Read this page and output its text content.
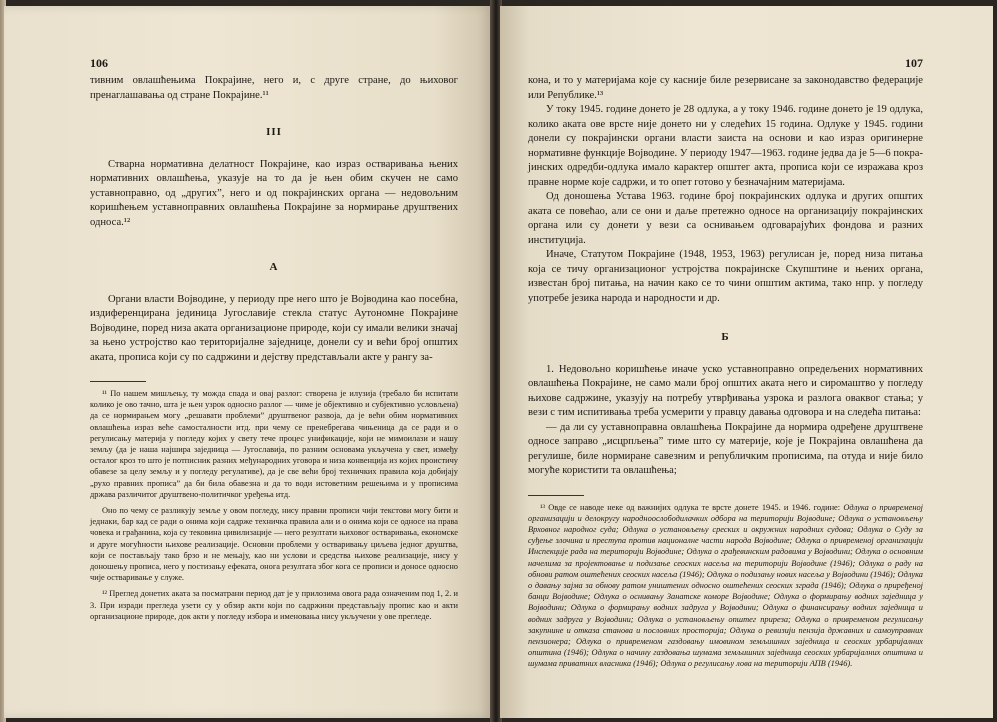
106

тивним овлашћењима Покрајине, него и, с друге стране, до њиховог пренаглашавања од стране Покрајине.¹¹

III

Стварна нормативна делатност Покрајине, као израз остваривања њених нормативних овлашћења, указује на то да је њен обим скучен не само уставноправно, од „других”, него и од покрајинских органа — недовољним коришћењем уставноправних овлашћења Покрајине за нормирање друштвених односа.¹²

А

Органи власти Војводине, у периоду пре него што је Војводина као посебна, издиференцирана јединица Југославије стекла статус Аутономне Покрајине Војводине, поред низа аката организационе природе, који су имали велики значај за њено устројство као територијалне заједнице, донели су и већи број општих аката, прописа који су по садржини и дејству представљали акте у рангу за-

¹¹ По нашем мишљењу, ту можда спада и овај разлог: створена је илузија (требало би испитати колико је ово тачно, шта је њен узрок односно разлог — чиме је објективно и субјективно условљена) да се нормирањем могу „решавати проблеми” друштвеног развоја, да је већи обим нормативних овлашћења израз веће самосталности итд. при чему се пренебрегава чињеница да се ради и о регулисању материја у погледу којих у свету тече процес унификације, који не мимоилази и нашу земљу (да је наша најшира заједница — Југославија, по разним основама укључена у свет, између осталог кроз то што је потписник разних међународних уговора и низа конвенција из којих проистичу обавезе за целу земљу и у погледу регулативе), да је све већи број техничких правила која добијају „рухо правних прописа” да би била обавезна и да то води истоветним решењима и у прописима држава различитог друштвено-политичког уређења итд.

Оно по чему се разликују земље у овом погледу, нису правни прописи чији текстови могу бити и једнаки, бар кад се ради о онима који садрже техничка правила али и о онима који се односе на права човека и грађанина, која су тековина цивилизације — него резултати њиховог остваривања, економске и друге могућности њихове реализације. Основни проблеми у остваривању циљева једног друштва, који се постављају тако брзо и не мењају, као ни услови и средства њихове реализације, нису у доношењу прописа, него у постизању ефеката, онога резултата због кога се прописи и доносе односно чије остваривање у служе.

¹² Преглед донетих аката за посматрани период дат је у прилозима овога рада означеним под 1, 2. и 3. При изради прегледа узети су у обзир акти који по садржини представљају пропис као и акти организационе природе, док акти у погледу избора и именовања нису укључени у ове прегледе.

107

кона, и то у материјама које су касније биле резервисане за законодавство федерације или Републике.¹³

У току 1945. године донето је 28 одлука, а у току 1946. године донето је 19 одлука, колико аката ове врсте није донето ни у следећих 15 година. Одлуке у 1945. години донели су покрајински органи власти заиста на основи и као израз оригинерне нормативне функције Војводине. У периоду 1947—1963. године једва да је 5—6 покрајинских одредби-одлука имало карактер општег акта, прописа који се изражава кроз правне норме које садржи, и то опет готово у безначајним материјама.

Од доношења Устава 1963. године број покрајинских одлука и других општих аката се повећао, али се они и даље претежно односе на организацију покрајинских органа или су донети у вези са оснивањем одговарајућих фондова и разних институција.

Иначе, Статутом Покрајине (1948, 1953, 1963) регулисан је, поред низа питања која се тичу организационог устројства покрајинске Скупштине и њених органа, известан број питања, на начин како се то чини општим актима, тако нпр. у погледу употребе језика народа и народности и др.

Б

1. Недовољно коришћење иначе уско уставноправно опредељених нормативних овлашћења Покрајине, не само мали број општих аката него и сиромаштво у погледу њихове садржине, указују на потребу утврђивања узрока и разлога оваквог стања; у вези с тим испитивања треба усмерити у правцу давања одговора и на следећа питања:

— да ли су уставноправна овлашћења Покрајине да нормира одређене друштвене односе заправо „исцрпљења” тиме што су материје, које је Покрајина овлашћена да регулише, биле нормиране савезним и републичким прописима, па отуда и није било могуће користити та овлашћења;

¹³ Овде се наводе неке од важнијих одлука те врсте донете 1945. и 1946. године: Одлука о привременој организацији и делокругу народноослободилачких одбора на територији Војводине; Одлука о установљењу Врховног народног суда; Одлука о установљењу среских и окружних народних судова; Одлука о Суду за суђење злочина и преступа против националне части народа Војводине; Одлука о привременој организацији Инспекције рада на територији Војводине; Одлука о грађевинским радовима у Војводини; Одлука о основним начелима за пројектовање и подизање сеоских насеља на територији Војводине (1946); Одлука о раду на обнови ратом оштећених сеоских насеља (1946); Одлука о подизању нових насеља у Војводини (1946); Одлука о давању зајма за обнову ратом уништених односно оштећених сеоских зграда (1946); Одлука о приређеној банци Војводине; Одлука о оснивању Занатске коморе Војводине; Одлука о формирању водних заједница у Војводини; Одлука о формирању водних задруга у Војводини; Одлука о финансирању водних заједница и водних задруга у Војводини; Одлука о установљењу општег прирезa; Одлука о привременом регулисању закупнине и отказа станова и пословних просторија; Одлука о ревизији пензија државних и самоуправних пензионера; Одлука о привременом газдовању имовином земљишних заједница и сеоских урбаријалних општина (1946); Одлука о начину газдовања шумама земљишних заједница сеоских урбаријалних општина и шумама приватних власника (1946); Одлука о регулисању лова на територији АПВ (1946).
